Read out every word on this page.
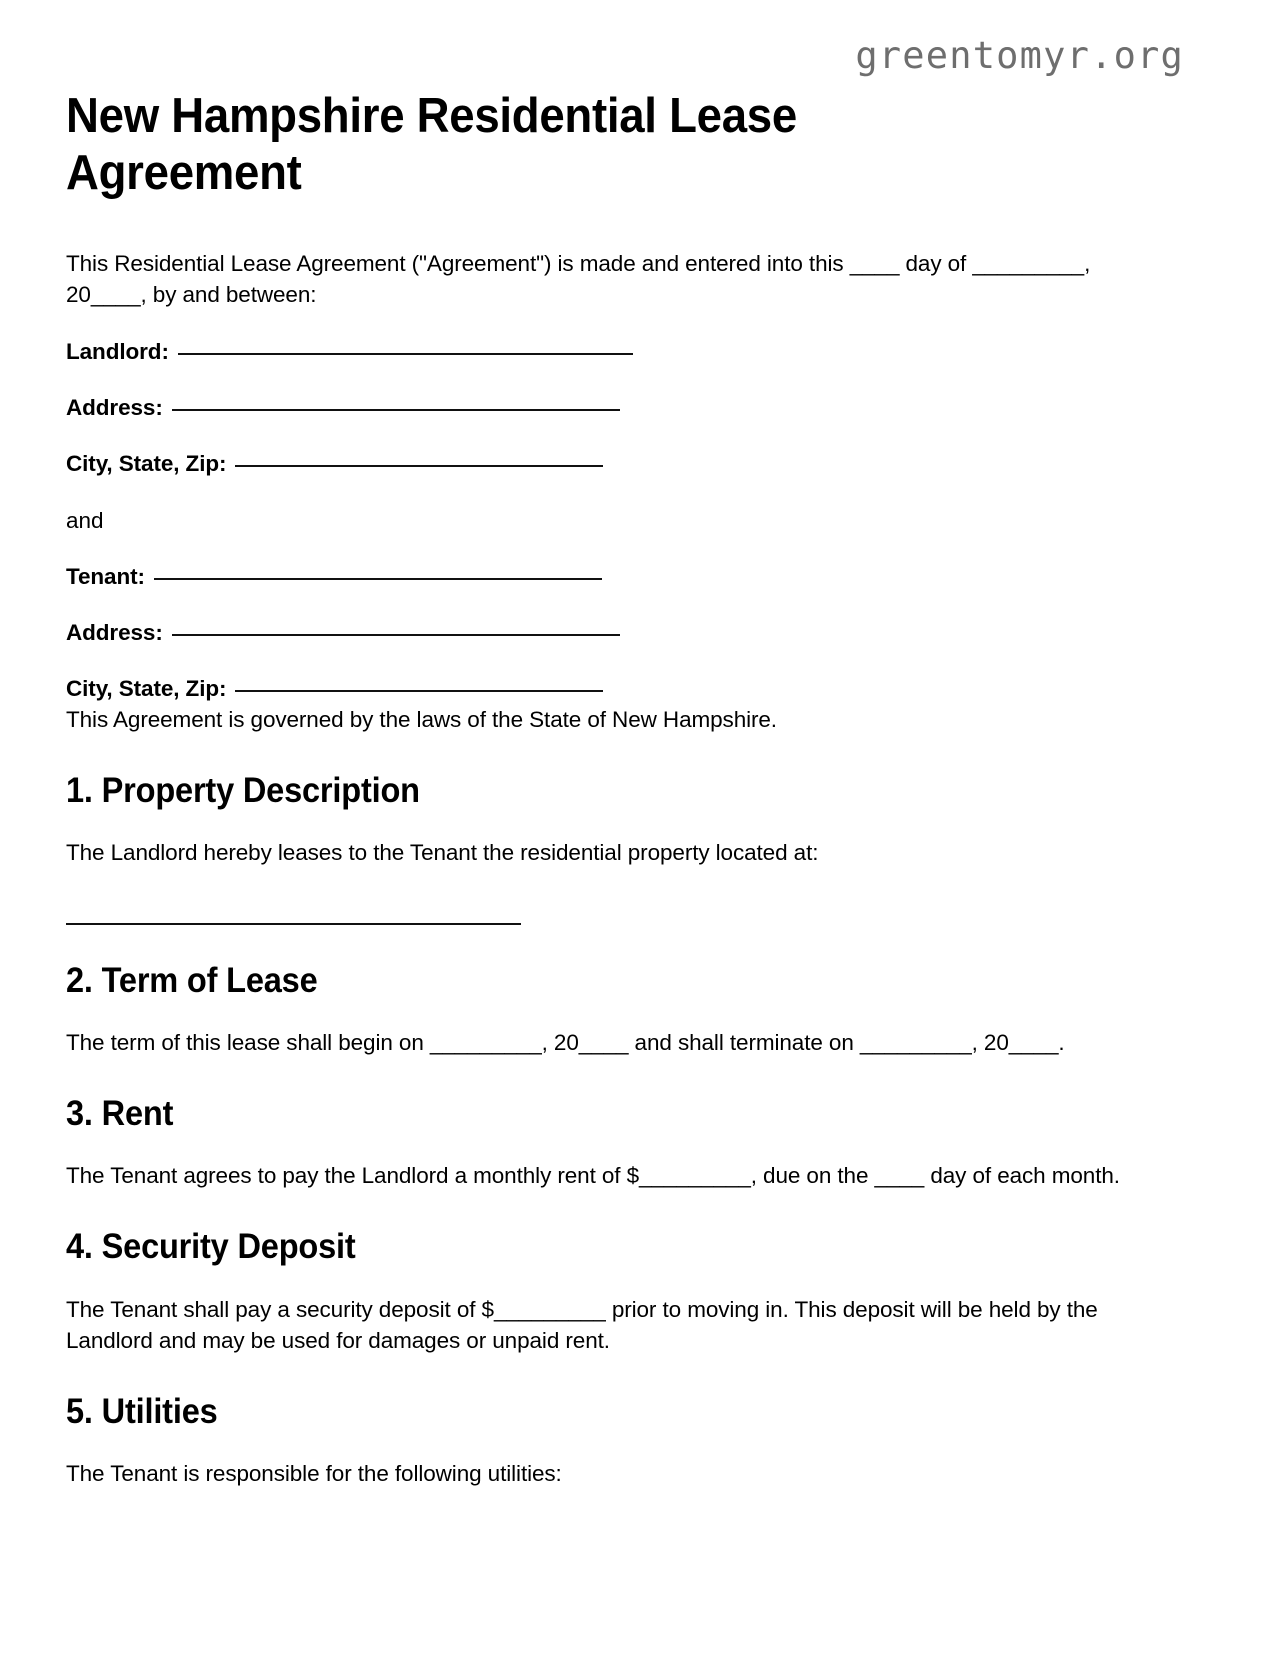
greentomyr.org
New Hampshire Residential Lease Agreement

This Residential Lease Agreement ("Agreement") is made and entered into this ____ day of _________, 20____, by and between:

Landlord:
Address:
City, State, Zip:
and
Tenant:
Address:
City, State, Zip:

This Agreement is governed by the laws of the State of New Hampshire.

1. Property Description

The Landlord hereby leases to the Tenant the residential property located at:

2. Term of Lease

The term of this lease shall begin on _________, 20____ and shall terminate on _________, 20____.

3. Rent

The Tenant agrees to pay the Landlord a monthly rent of $_________, due on the ____ day of each month.

4. Security Deposit

The Tenant shall pay a security deposit of $_________ prior to moving in. This deposit will be held by the Landlord and may be used for damages or unpaid rent.

5. Utilities

The Tenant is responsible for the following utilities:
